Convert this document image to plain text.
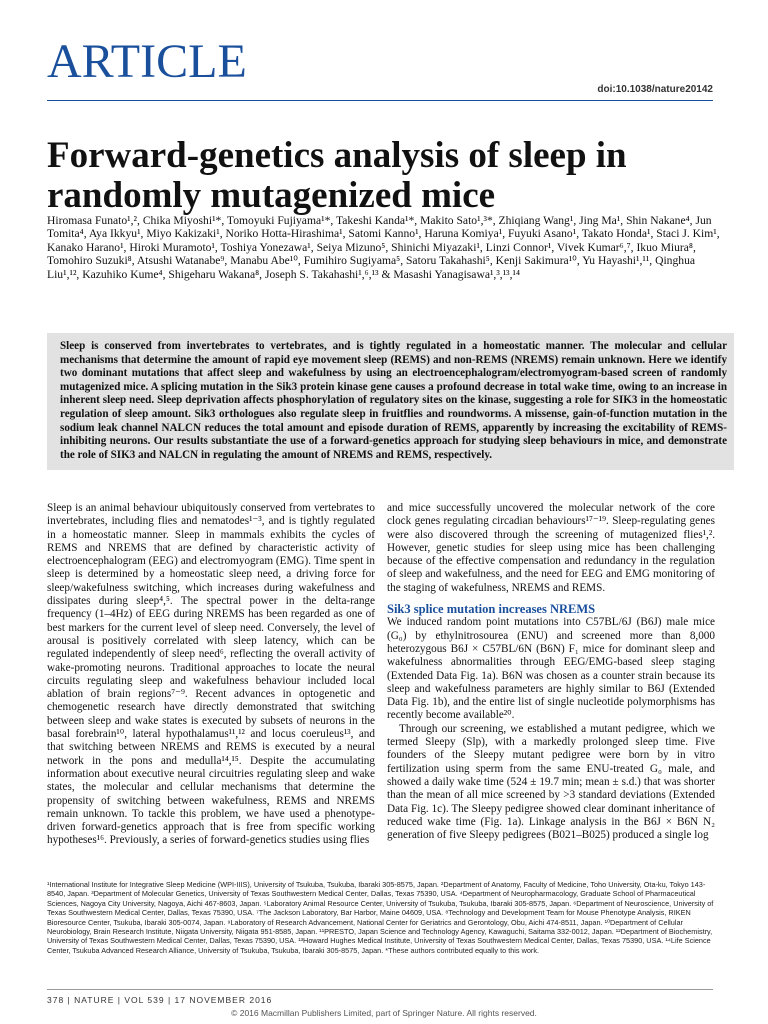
ARTICLE
doi:10.1038/nature20142
Forward-genetics analysis of sleep in randomly mutagenized mice

Hiromasa Funato¹,², Chika Miyoshi¹*, Tomoyuki Fujiyama¹*, Takeshi Kanda¹*, Makito Sato¹,³*, Zhiqiang Wang¹, Jing Ma¹, Shin Nakane⁴, Jun Tomita⁴, Aya Ikkyu¹, Miyo Kakizaki¹, Noriko Hotta-Hirashima¹, Satomi Kanno¹, Haruna Komiya¹, Fuyuki Asano¹, Takato Honda¹, Staci J. Kim¹, Kanako Harano¹, Hiroki Muramoto¹, Toshiya Yonezawa¹, Seiya Mizuno⁵, Shinichi Miyazaki¹, Linzi Connor¹, Vivek Kumar⁶,⁷, Ikuo Miura⁸, Tomohiro Suzuki⁸, Atsushi Watanabe⁹, Manabu Abe¹⁰, Fumihiro Sugiyama⁵, Satoru Takahashi⁵, Kenji Sakimura¹⁰, Yu Hayashi¹,¹¹, Qinghua Liu¹,¹², Kazuhiko Kume⁴, Shigeharu Wakana⁸, Joseph S. Takahashi¹,⁶,¹³ & Masashi Yanagisawa¹,³,¹³,¹⁴

Sleep is conserved from invertebrates to vertebrates, and is tightly regulated in a homeostatic manner. The molecular and cellular mechanisms that determine the amount of rapid eye movement sleep (REMS) and non-REMS (NREMS) remain unknown. Here we identify two dominant mutations that affect sleep and wakefulness by using an electroencephalogram/electromyogram-based screen of randomly mutagenized mice. A splicing mutation in the Sik3 protein kinase gene causes a profound decrease in total wake time, owing to an increase in inherent sleep need. Sleep deprivation affects phosphorylation of regulatory sites on the kinase, suggesting a role for SIK3 in the homeostatic regulation of sleep amount. Sik3 orthologues also regulate sleep in fruitflies and roundworms. A missense, gain-of-function mutation in the sodium leak channel NALCN reduces the total amount and episode duration of REMS, apparently by increasing the excitability of REMS-inhibiting neurons. Our results substantiate the use of a forward-genetics approach for studying sleep behaviours in mice, and demonstrate the role of SIK3 and NALCN in regulating the amount of NREMS and REMS, respectively.

Sleep is an animal behaviour ubiquitously conserved from vertebrates to invertebrates, including flies and nematodes¹⁻³, and is tightly regulated in a homeostatic manner. Sleep in mammals exhibits the cycles of REMS and NREMS that are defined by characteristic activity of electroencephalogram (EEG) and electromyogram (EMG). Time spent in sleep is determined by a homeostatic sleep need, a driving force for sleep/wakefulness switching, which increases during wakefulness and dissipates during sleep⁴,⁵. The spectral power in the delta-range frequency (1–4Hz) of EEG during NREMS has been regarded as one of best markers for the current level of sleep need. Conversely, the level of arousal is positively correlated with sleep latency, which can be regulated independently of sleep need⁶, reflecting the overall activity of wake-promoting neurons. Traditional approaches to locate the neural circuits regulating sleep and wakefulness behaviour included local ablation of brain regions⁷⁻⁹. Recent advances in optogenetic and chemogenetic research have directly demonstrated that switching between sleep and wake states is executed by subsets of neurons in the basal forebrain¹⁰, lateral hypothalamus¹¹,¹² and locus coeruleus¹³, and that switching between NREMS and REMS is executed by a neural network in the pons and medulla¹⁴,¹⁵. Despite the accumulating information about executive neural circuitries regulating sleep and wake states, the molecular and cellular mechanisms that determine the propensity of switching between wakefulness, REMS and NREMS remain unknown. To tackle this problem, we have used a phenotype-driven forward-genetics approach that is free from specific working hypotheses¹⁶. Previously, a series of forward-genetics studies using flies

and mice successfully uncovered the molecular network of the core clock genes regulating circadian behaviours¹⁷⁻¹⁹. Sleep-regulating genes were also discovered through the screening of mutagenized flies¹,². However, genetic studies for sleep using mice has been challenging because of the effective compensation and redundancy in the regulation of sleep and wakefulness, and the need for EEG and EMG monitoring of the staging of wakefulness, NREMS and REMS.

Sik3 splice mutation increases NREMS

We induced random point mutations into C57BL/6J (B6J) male mice (G₀) by ethylnitrosourea (ENU) and screened more than 8,000 heterozygous B6J × C57BL/6N (B6N) F₁ mice for dominant sleep and wakefulness abnormalities through EEG/EMG-based sleep staging (Extended Data Fig. 1a). B6N was chosen as a counter strain because its sleep and wakefulness parameters are highly similar to B6J (Extended Data Fig. 1b), and the entire list of single nucleotide polymorphisms has recently become available²⁰.

Through our screening, we established a mutant pedigree, which we termed Sleepy (Slp), with a markedly prolonged sleep time. Five founders of the Sleepy mutant pedigree were born by in vitro fertilization using sperm from the same ENU-treated G₀ male, and showed a daily wake time (524 ± 19.7 min; mean ± s.d.) that was shorter than the mean of all mice screened by >3 standard deviations (Extended Data Fig. 1c). The Sleepy pedigree showed clear dominant inheritance of reduced wake time (Fig. 1a). Linkage analysis in the B6J × B6N N₂ generation of five Sleepy pedigrees (B021–B025) produced a single log

¹International Institute for Integrative Sleep Medicine (WPI-IIIS), University of Tsukuba, Tsukuba, Ibaraki 305-8575, Japan. ²Department of Anatomy, Faculty of Medicine, Toho University, Ota-ku, Tokyo 143-8540, Japan. ³Department of Molecular Genetics, University of Texas Southwestern Medical Center, Dallas, Texas 75390, USA. ⁴Department of Neuropharmacology, Graduate School of Pharmaceutical Sciences, Nagoya City University, Nagoya, Aichi 467-8603, Japan. ⁵Laboratory Animal Resource Center, University of Tsukuba, Tsukuba, Ibaraki 305-8575, Japan. ⁶Department of Neuroscience, University of Texas Southwestern Medical Center, Dallas, Texas 75390, USA. ⁷The Jackson Laboratory, Bar Harbor, Maine 04609, USA. ⁸Technology and Development Team for Mouse Phenotype Analysis, RIKEN Bioresource Center, Tsukuba, Ibaraki 305-0074, Japan. ⁹Laboratory of Research Advancement, National Center for Geriatrics and Gerontology, Obu, Aichi 474-8511, Japan. ¹⁰Department of Cellular Neurobiology, Brain Research Institute, Niigata University, Niigata 951-8585, Japan. ¹¹PRESTO, Japan Science and Technology Agency, Kawaguchi, Saitama 332-0012, Japan. ¹²Department of Biochemistry, University of Texas Southwestern Medical Center, Dallas, Texas 75390, USA. ¹³Howard Hughes Medical Institute, University of Texas Southwestern Medical Center, Dallas, Texas 75390, USA. ¹⁴Life Science Center, Tsukuba Advanced Research Alliance, University of Tsukuba, Tsukuba, Ibaraki 305-8575, Japan. *These authors contributed equally to this work.

378 | NATURE | VOL 539 | 17 NOVEMBER 2016
© 2016 Macmillan Publishers Limited, part of Springer Nature. All rights reserved.
